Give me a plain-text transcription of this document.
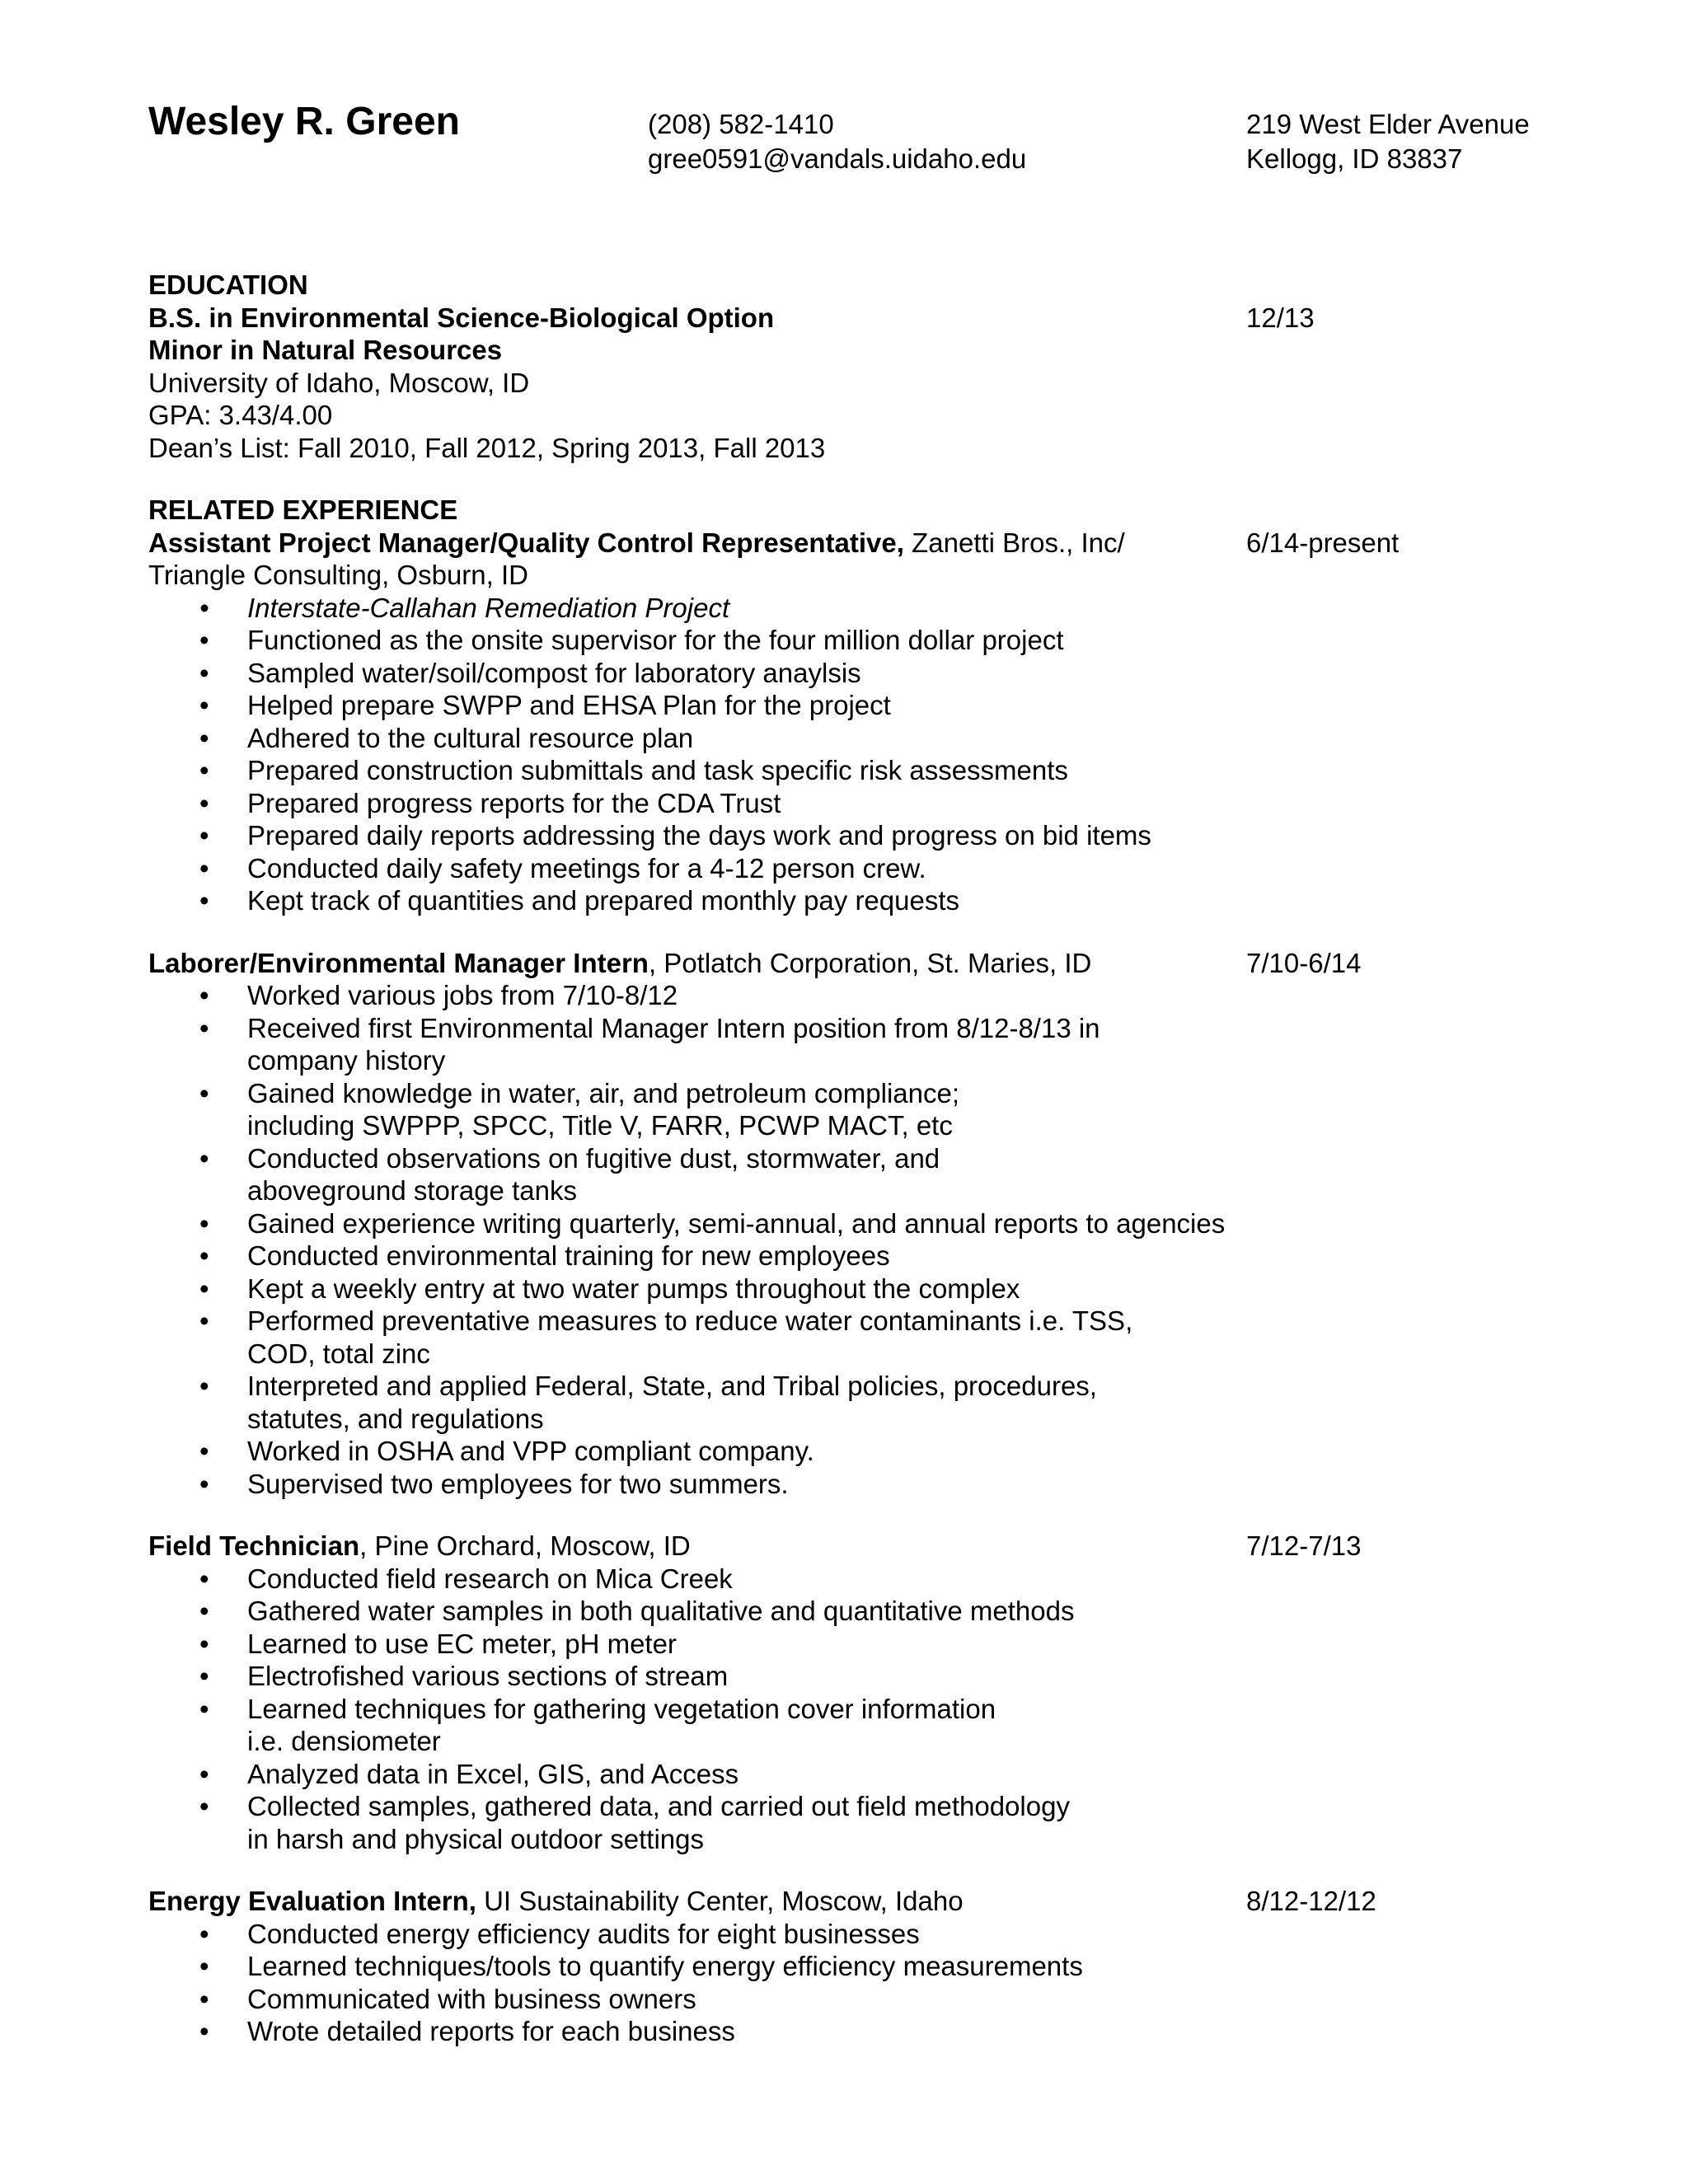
Wesley R. Green	(208) 582-1410
gree0591@vandals.uidaho.edu
219 West Elder Avenue
Kellogg, ID 83837
EDUCATION
B.S. in Environmental Science-Biological Option	12/13
Minor in Natural Resources
University of Idaho, Moscow, ID
GPA: 3.43/4.00
Dean’s List: Fall 2010, Fall 2012, Spring 2013, Fall 2013
RELATED EXPERIENCE
Assistant Project Manager/Quality Control Representative, Zanetti Bros., Inc/	6/14-present
Triangle Consulting, Osburn, ID
• Interstate-Callahan Remediation Project
• Functioned as the onsite supervisor for the four million dollar project
• Sampled water/soil/compost for laboratory anaylsis
• Helped prepare SWPP and EHSA Plan for the project
• Adhered to the cultural resource plan
• Prepared construction submittals and task specific risk assessments
• Prepared progress reports for the CDA Trust
• Prepared daily reports addressing the days work and progress on bid items
• Conducted daily safety meetings for a 4-12 person crew.
• Kept track of quantities and prepared monthly pay requests
Laborer/Environmental Manager Intern, Potlatch Corporation, St. Maries, ID	7/10-6/14
• Worked various jobs from 7/10-8/12
• Received first Environmental Manager Intern position from 8/12-8/13 in
company history
• Gained knowledge in water, air, and petroleum compliance;
including SWPPP, SPCC, Title V, FARR, PCWP MACT, etc
• Conducted observations on fugitive dust, stormwater, and
aboveground storage tanks
• Gained experience writing quarterly, semi-annual, and annual reports to agencies
• Conducted environmental training for new employees
• Kept a weekly entry at two water pumps throughout the complex
• Performed preventative measures to reduce water contaminants i.e. TSS,
COD, total zinc
• Interpreted and applied Federal, State, and Tribal policies, procedures,
statutes, and regulations
• Worked in OSHA and VPP compliant company.
• Supervised two employees for two summers.
Field Technician, Pine Orchard, Moscow, ID	7/12-7/13
• Conducted field research on Mica Creek
• Gathered water samples in both qualitative and quantitative methods
• Learned to use EC meter, pH meter
• Electrofished various sections of stream
• Learned techniques for gathering vegetation cover information
i.e. densiometer
• Analyzed data in Excel, GIS, and Access
• Collected samples, gathered data, and carried out field methodology
in harsh and physical outdoor settings
Energy Evaluation Intern, UI Sustainability Center, Moscow, Idaho	8/12-12/12
• Conducted energy efficiency audits for eight businesses
• Learned techniques/tools to quantify energy efficiency measurements
• Communicated with business owners
• Wrote detailed reports for each business
